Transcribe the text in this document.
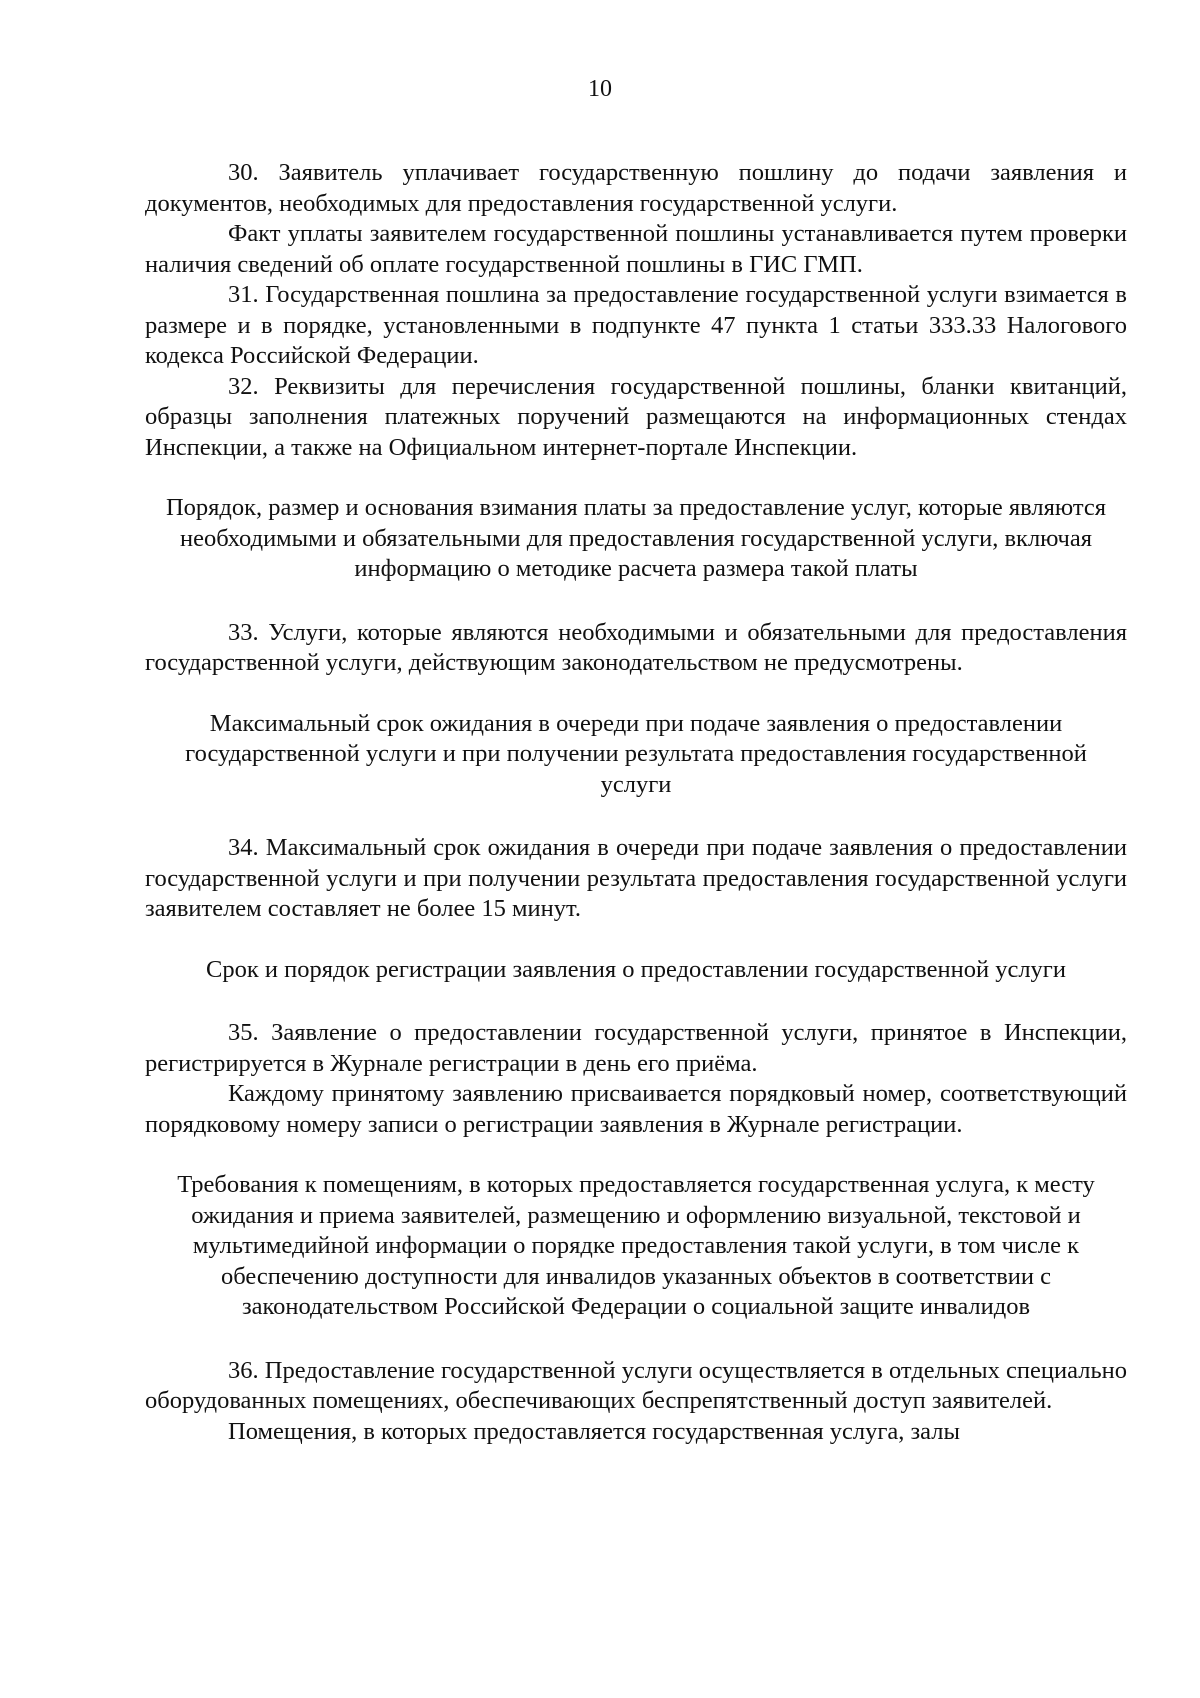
10

30. Заявитель уплачивает государственную пошлину до подачи заявления и документов, необходимых для предоставления государственной услуги.

Факт уплаты заявителем государственной пошлины устанавливается путем проверки наличия сведений об оплате государственной пошлины в ГИС ГМП.

31. Государственная пошлина за предоставление государственной услуги взимается в размере и в порядке, установленными в подпункте 47 пункта 1 статьи 333.33 Налогового кодекса Российской Федерации.

32. Реквизиты для перечисления государственной пошлины, бланки квитанций, образцы заполнения платежных поручений размещаются на информационных стендах Инспекции, а также на Официальном интернет-портале Инспекции.

Порядок, размер и основания взимания платы за предоставление услуг, которые являются необходимыми и обязательными для предоставления государственной услуги, включая информацию о методике расчета размера такой платы

33. Услуги, которые являются необходимыми и обязательными для предоставления государственной услуги, действующим законодательством не предусмотрены.

Максимальный срок ожидания в очереди при подаче заявления о предоставлении государственной услуги и при получении результата предоставления государственной услуги

34. Максимальный срок ожидания в очереди при подаче заявления о предоставлении государственной услуги и при получении результата предоставления государственной услуги заявителем составляет не более 15 минут.

Срок и порядок регистрации заявления о предоставлении государственной услуги

35. Заявление о предоставлении государственной услуги, принятое в Инспекции, регистрируется в Журнале регистрации в день его приёма.

Каждому принятому заявлению присваивается порядковый номер, соответствующий порядковому номеру записи о регистрации заявления в Журнале регистрации.

Требования к помещениям, в которых предоставляется государственная услуга, к месту ожидания и приема заявителей, размещению и оформлению визуальной, текстовой и мультимедийной информации о порядке предоставления такой услуги, в том числе к обеспечению доступности для инвалидов указанных объектов в соответствии с законодательством Российской Федерации о социальной защите инвалидов

36. Предоставление государственной услуги осуществляется в отдельных специально оборудованных помещениях, обеспечивающих беспрепятственный доступ заявителей.

Помещения, в которых предоставляется государственная услуга, залы
